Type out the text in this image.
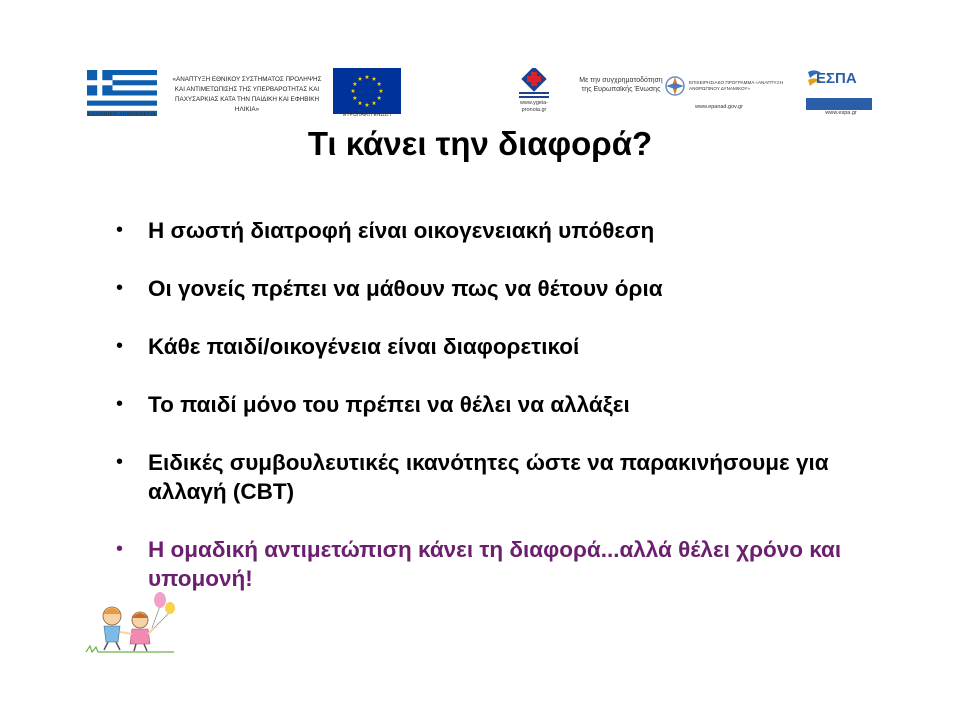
ΕΛΛΗΝΙΚΗ ΔΗΜΟΚΡΑΤΙΑ
«ΑΝΑΠΤΥΞΗ ΕΘΝΙΚΟΥ ΣΥΣΤΗΜΑΤΟΣ ΠΡΟΛΗΨΗΣ ΚΑΙ ΑΝΤΙΜΕΤΩΠΙΣΗΣ ΤΗΣ ΥΠΕΡΒΑΡΟΤΗΤΑΣ ΚΑΙ ΠΑΧΥΣΑΡΚΙΑΣ ΚΑΤΑ ΤΗΝ ΠΑΙΔΙΚΗ ΚΑΙ ΕΦΗΒΙΚΗ ΗΛΙΚΙΑ»
ΕΥΡΩΠΑΪΚΗ ΕΝΩΣΗ
www.ygeia-pronoia.gr
Με την συγχρηματοδότηση της Ευρωπαϊκής Ένωσης
ΕΠΙΧΕΙΡΗΣΙΑΚΟ ΠΡΟΓΡΑΜΜΑ «ΑΝΑΠΤΥΞΗ ΑΝΘΡΩΠΙΝΟΥ ΔΥΝΑΜΙΚΟΥ»
www.epanad.gov.gr
ΕΣΠΑ
2007-2013
www.espa.gr
Τι κάνει την διαφορά?
• Η σωστή διατροφή είναι οικογενειακή υπόθεση
• Οι γονείς πρέπει να μάθουν πως να θέτουν όρια
• Κάθε παιδί/οικογένεια είναι διαφορετικοί
• Το παιδί μόνο του πρέπει να θέλει να αλλάξει
• Ειδικές συμβουλευτικές ικανότητες ώστε να παρακινήσουμε για αλλαγή (CBT)
• Η ομαδική αντιμετώπιση κάνει τη διαφορά...αλλά θέλει χρόνο και υπομονή!
